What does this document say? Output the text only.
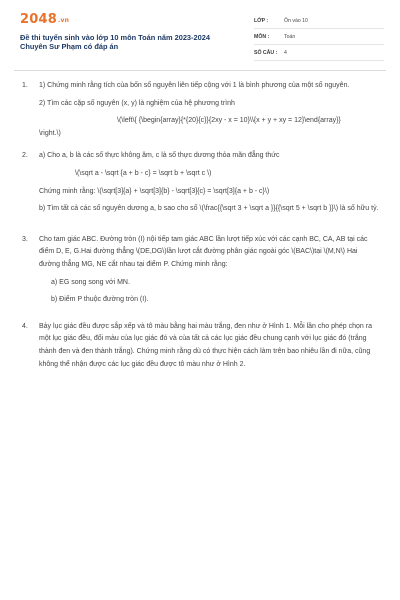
2048.vn
Đề thi tuyển sinh vào lớp 10 môn Toán năm 2023-2024
Chuyên Sư Phạm có đáp án
LỚP :	Ôn vào 10
MÔN :	Toán
SỐ CÂU : 4
1. 1) Chứng minh rằng tích của bốn số nguyên liên tiếp cộng với 1 là bình phương của một số nguyên.

2) Tìm các cặp số nguyên (x, y) là nghiệm của hệ phương trình

\(\left\{ {\begin{array}{*{20}{c}}{2xy - x = 10}\\{x + y + xy = 12}\end{array}}

\right.\)

2. a) Cho a, b là các số thực không âm, c là số thực dương thỏa mãn đẳng thức

\(\sqrt a - \sqrt {a + b - c} = \sqrt b + \sqrt c \)

Chứng minh rằng: \(\sqrt[3]{a} + \sqrt[3]{b} - \sqrt[3]{c} = \sqrt[3]{a + b - c}\)

b) Tìm tất cả các số nguyên dương a, b sao cho số \(\frac{{\sqrt 3 + \sqrt a }}{{\sqrt 5 + \sqrt b }}\) là số hữu tỷ.

3. Cho tam giác ABC. Đường tròn (I) nội tiếp tam giác ABC lần lượt tiếp xúc với các cạnh BC, CA, AB tại các điểm D, E, G.Hai đường thẳng \(DE,DG\)lần lượt cắt đường phân giác ngoài góc \(BAC\)tại \(M,N\) Hai đường thẳng MG, NE cắt nhau tại điểm P. Chứng minh rằng:

a) EG song song với MN.

b) Điểm P thuộc đường tròn (I).

4. Bảy lục giác đều được sắp xếp và tô màu bằng hai màu trắng, đen như ở Hình 1. Mỗi lần cho phép chọn ra một lục giác đều, đổi màu của lục giác đó và của tất cả các lục giác đều chung cạnh với lục giác đó (trắng thành đen và đen thành trắng). Chứng minh rằng dù có thực hiện cách làm trên bao nhiêu lần đi nữa, cũng không thể nhận được các lục giác đều được tô màu như ở Hình 2.
